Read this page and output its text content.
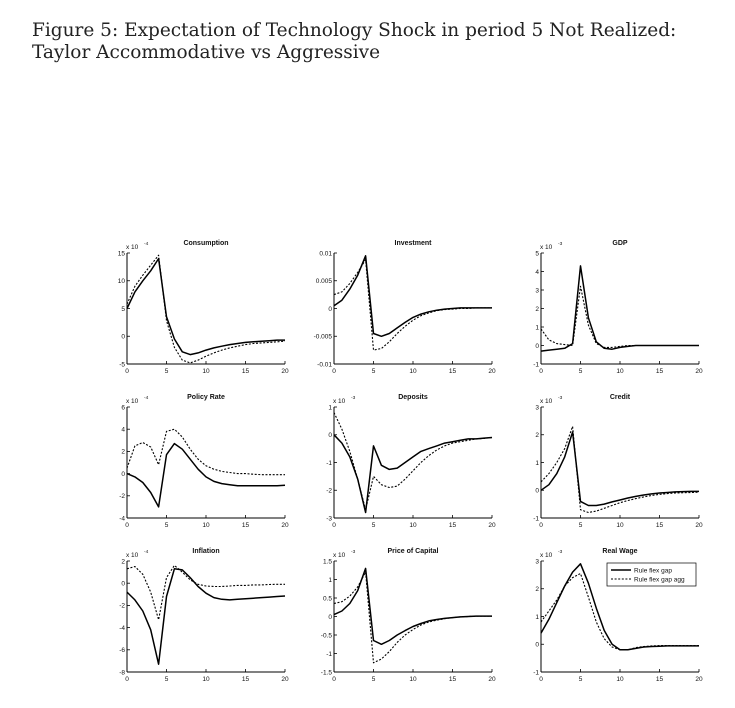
Figure 5: Expectation of Technology Shock in period 5 Not Realized: Taylor Accommodative vs Aggressive
Consumption
x 10 -4
15
10
5
0
-5
0	5	10	15	20
Investment
0.01
0.005
0
-0.005
-0.01
0	5	10	15	20
GDP
x 10 -3
5
4
3
2
1
0
-1
0	5	10	15	20
Policy Rate
x 10 -4
6
4
2
0
-2
-4
0	5	10	15	20
Deposits
x 10 -3
1
0
-1
-2
-3
0	5	10	15	20
Credit
x 10 -3
3
2
1
0
-1
0	5	10	15	20
Inflation
x 10 -4
2
0
-2
-4
-6
-8
0	5	10	15	20
Price of Capital
x 10 -3
1.5
1
0.5
0
-0.5
-1
-1.5
0	5	10	15	20
Real Wage
x 10 -3
3
2
1
0
-1
0	5	10	15	20
Rule flex gap
Rule flex gap agg
